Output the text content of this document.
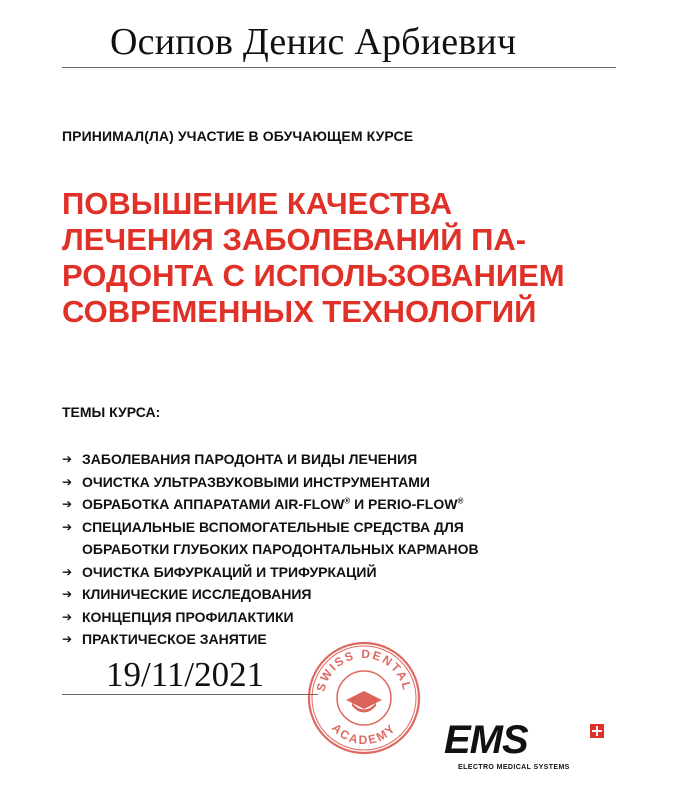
Осипов Денис Арбиевич
ПРИНИМАЛ(ЛА) УЧАСТИЕ В ОБУЧАЮЩЕМ КУРСЕ
ПОВЫШЕНИЕ КАЧЕСТВА
ЛЕЧЕНИЯ ЗАБОЛЕВАНИЙ ПА-
РОДОНТА С ИСПОЛЬЗОВАНИЕМ
СОВРЕМЕННЫХ ТЕХНОЛОГИЙ
ТЕМЫ КУРСА:
➔ ЗАБОЛЕВАНИЯ ПАРОДОНТА И ВИДЫ ЛЕЧЕНИЯ
➔ ОЧИСТКА УЛЬТРАЗВУКОВЫМИ ИНСТРУМЕНТАМИ
➔ ОБРАБОТКА АППАРАТАМИ AIR-FLOW® И PERIO-FLOW®
➔ СПЕЦИАЛЬНЫЕ ВСПОМОГАТЕЛЬНЫЕ СРЕДСТВА ДЛЯ
ОБРАБОТКИ ГЛУБОКИХ ПАРОДОНТАЛЬНЫХ КАРМАНОВ
➔ ОЧИСТКА БИФУРКАЦИЙ И ТРИФУРКАЦИЙ
➔ КЛИНИЧЕСКИЕ ИССЛЕДОВАНИЯ
➔ КОНЦЕПЦИЯ ПРОФИЛАКТИКИ
➔ ПРАКТИЧЕСКОЕ ЗАНЯТИЕ
19/11/2021	SWISS DENTAL
ACADEMY EMS
ELECTRO MEDICAL SYSTEMS
